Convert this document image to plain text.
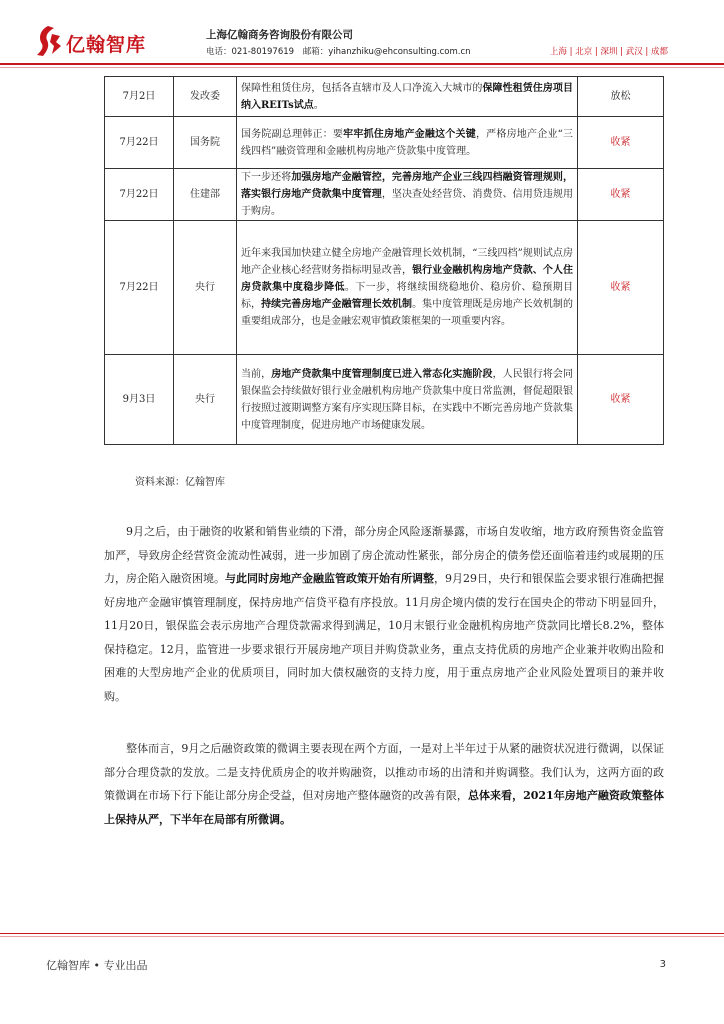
亿翰智库	上海亿翰商务咨询股份有限公司
电话：021-80197619 邮箱：yihanzhiku@ehconsulting.com.cn	上海 | 北京 | 深圳 | 武汉 | 成都
7月2日	发改委	保障性租赁住房，包括各直辖市及人口净流入大城市的保障性租赁住房项目纳入REITs试点。	放松
7月22日	国务院	国务院副总理韩正：要牢牢抓住房地产金融这个关键，严格房地产企业“三线四档”融资管理和金融机构房地产贷款集中度管理。	收紧
7月22日	住建部	下一步还将加强房地产金融管控，完善房地产企业三线四档融资管理规则，落实银行房地产贷款集中度管理，坚决查处经营贷、消费贷、信用贷违规用于购房。	收紧
7月22日	央行	近年来我国加快建立健全房地产金融管理长效机制，“三线四档”规则试点房地产企业核心经营财务指标明显改善，银行业金融机构房地产贷款、个人住房贷款集中度稳步降低。下一步，将继续围绕稳地价、稳房价、稳预期目标，持续完善房地产金融管理长效机制。集中度管理既是房地产长效机制的重要组成部分，也是金融宏观审慎政策框架的一项重要内容。	收紧
9月3日	央行	当前，房地产贷款集中度管理制度已进入常态化实施阶段，人民银行将会同银保监会持续做好银行业金融机构房地产贷款集中度日常监测，督促超限银行按照过渡期调整方案有序实现压降目标，在实践中不断完善房地产贷款集中度管理制度，促进房地产市场健康发展。	收紧
资料来源：亿翰智库
9月之后，由于融资的收紧和销售业绩的下滑，部分房企风险逐渐暴露，市场自发收缩，地方政府预售资金监管加严，导致房企经营资金流动性减弱，进一步加剧了房企流动性紧张，部分房企的债务偿还面临着违约或展期的压力，房企陷入融资困境。与此同时房地产金融监管政策开始有所调整，9月29日，央行和银保监会要求银行准确把握好房地产金融审慎管理制度，保持房地产信贷平稳有序投放。11月房企境内债的发行在国央企的带动下明显回升，11月20日，银保监会表示房地产合理贷款需求得到满足，10月末银行业金融机构房地产贷款同比增长8.2%，整体保持稳定。12月，监管进一步要求银行开展房地产项目并购贷款业务，重点支持优质的房地产企业兼并收购出险和困难的大型房地产企业的优质项目，同时加大债权融资的支持力度，用于重点房地产企业风险处置项目的兼并收购。
整体而言，9月之后融资政策的微调主要表现在两个方面，一是对上半年过于从紧的融资状况进行微调，以保证部分合理贷款的发放。二是支持优质房企的收并购融资，以推动市场的出清和并购调整。我们认为，这两方面的政策微调在市场下行下能让部分房企受益，但对房地产整体融资的改善有限，总体来看，2021年房地产融资政策整体上保持从严，下半年在局部有所微调。
亿翰智库 • 专业出品	3
